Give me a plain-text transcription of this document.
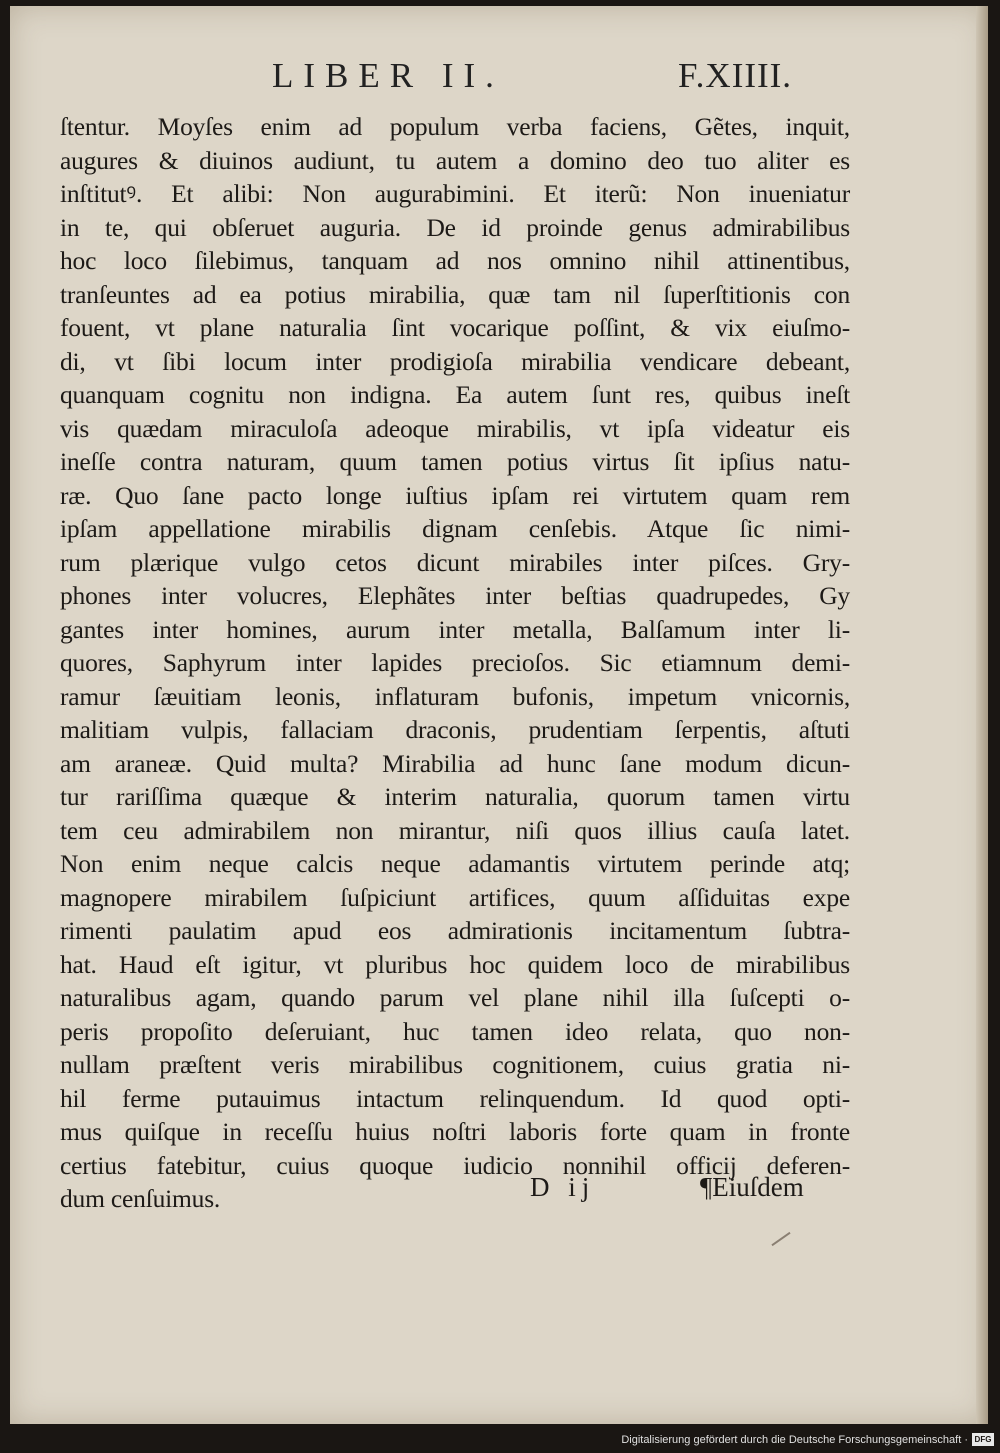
LIBER II.	F.XIIII.
ſtentur. Moyſes enim ad populum verba faciens, Gẽtes, inquit,
augures & diuinos audiunt, tu autem a domino deo tuo aliter es
inſtitutꝰ. Et alibi: Non augurabimini. Et iterũ: Non inueniatur
in te, qui obſeruet auguria. De id proinde genus admirabilibus
hoc loco ſilebimus, tanquam ad nos omnino nihil attinentibus,
tranſeuntes ad ea potius mirabilia, quæ tam nil ſuperſtitionis con
fouent, vt plane naturalia ſint vocarique poſſint, & vix eiuſmo-
di, vt ſibi locum inter prodigioſa mirabilia vendicare debeant,
quanquam cognitu non indigna. Ea autem ſunt res, quibus ineſt
vis quædam miraculoſa adeoque mirabilis, vt ipſa videatur eis
ineſſe contra naturam, quum tamen potius virtus ſit ipſius natu-
ræ. Quo ſane pacto longe iuſtius ipſam rei virtutem quam rem
ipſam appellatione mirabilis dignam cenſebis. Atque ſic nimi-
rum plærique vulgo cetos dicunt mirabiles inter piſces. Gry-
phones inter volucres, Elephãtes inter beſtias quadrupedes, Gy
gantes inter homines, aurum inter metalla, Balſamum inter li-
quores, Saphyrum inter lapides precioſos. Sic etiamnum demi-
ramur ſæuitiam leonis, inflaturam bufonis, impetum vnicornis,
malitiam vulpis, fallaciam draconis, prudentiam ſerpentis, aſtuti
am araneæ. Quid multa? Mirabilia ad hunc ſane modum dicun-
tur rariſſima quæque & interim naturalia, quorum tamen virtu
tem ceu admirabilem non mirantur, niſi quos illius cauſa latet.
Non enim neque calcis neque adamantis virtutem perinde atq;
magnopere mirabilem ſuſpiciunt artifices, quum aſſiduitas expe
rimenti paulatim apud eos admirationis incitamentum ſubtra-
hat. Haud eſt igitur, vt pluribus hoc quidem loco de mirabilibus
naturalibus agam, quando parum vel plane nihil illa ſuſcepti o-
peris propoſito deſeruiant, huc tamen ideo relata, quo non-
nullam præſtent veris mirabilibus cognitionem, cuius gratia ni-
hil ferme putauimus intactum relinquendum. Id quod opti-
mus quiſque in receſſu huius noſtri laboris forte quam in fronte
certius fatebitur, cuius quoque iudicio nonnihil officij deferen-
dum cenſuimus.	D ij	¶Eiuſdem
Digitalisierung gefördert durch die Deutsche Forschungsgemeinschaft · DFG
